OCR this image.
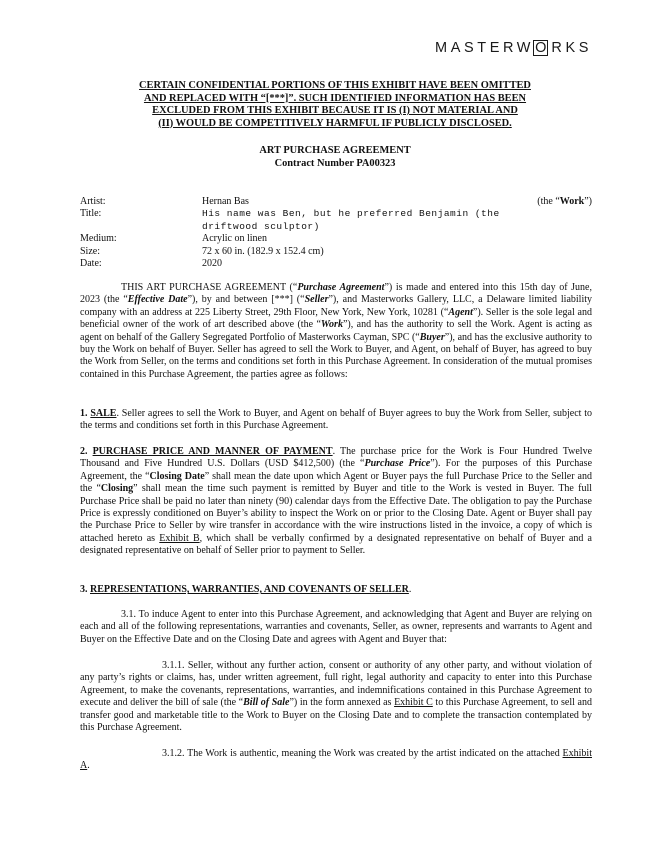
MASTERW O RKS
CERTAIN CONFIDENTIAL PORTIONS OF THIS EXHIBIT HAVE BEEN OMITTED
AND REPLACED WITH “[***]”. SUCH IDENTIFIED INFORMATION HAS BEEN
EXCLUDED FROM THIS EXHIBIT BECAUSE IT IS (I) NOT MATERIAL AND
(II) WOULD BE COMPETITIVELY HARMFUL IF PUBLICLY DISCLOSED.
ART PURCHASE AGREEMENT
Contract Number PA00323
Artist:	Hernan Bas	(the “Work”)
Title:	His name was Ben, but he preferred Benjamin (the driftwood sculptor)
Medium:	Acrylic on linen
Size:	72 x 60 in. (182.9 x 152.4 cm)
Date:	2020
THIS ART PURCHASE AGREEMENT (“Purchase Agreement”) is made and entered into this 15th day of June, 2023 (the “Effective Date”), by and between [***] (“Seller”), and Masterworks Gallery, LLC, a Delaware limited liability company with an address at 225 Liberty Street, 29th Floor, New York, New York, 10281 (“Agent”). Seller is the sole legal and beneficial owner of the work of art described above (the “Work”), and has the authority to sell the Work. Agent is acting as agent on behalf of the Gallery Segregated Portfolio of Masterworks Cayman, SPC (“Buyer”), and has the exclusive authority to buy the Work on behalf of Buyer. Seller has agreed to sell the Work to Buyer, and Agent, on behalf of Buyer, has agreed to buy the Work from Seller, on the terms and conditions set forth in this Purchase Agreement. In consideration of the mutual promises contained in this Purchase Agreement, the parties agree as follows:
1. SALE. Seller agrees to sell the Work to Buyer, and Agent on behalf of Buyer agrees to buy the Work from Seller, subject to the terms and conditions set forth in this Purchase Agreement.
2. PURCHASE PRICE AND MANNER OF PAYMENT. The purchase price for the Work is Four Hundred Twelve Thousand and Five Hundred U.S. Dollars (USD $412,500) (the “Purchase Price”). For the purposes of this Purchase Agreement, the “Closing Date” shall mean the date upon which Agent or Buyer pays the full Purchase Price to the Seller and the “Closing” shall mean the time such payment is remitted by Buyer and title to the Work is vested in Buyer. The full Purchase Price shall be paid no later than ninety (90) calendar days from the Effective Date. The obligation to pay the Purchase Price is expressly conditioned on Buyer’s ability to inspect the Work on or prior to the Closing Date. Agent or Buyer shall pay the Purchase Price to Seller by wire transfer in accordance with the wire instructions listed in the invoice, a copy of which is attached hereto as Exhibit B, which shall be verbally confirmed by a designated representative on behalf of Buyer and a designated representative on behalf of Seller prior to payment to Seller.
3. REPRESENTATIONS, WARRANTIES, AND COVENANTS OF SELLER.
3.1. To induce Agent to enter into this Purchase Agreement, and acknowledging that Agent and Buyer are relying on each and all of the following representations, warranties and covenants, Seller, as owner, represents and warrants to Agent and Buyer on the Effective Date and on the Closing Date and agrees with Agent and Buyer that:
3.1.1. Seller, without any further action, consent or authority of any other party, and without violation of any party’s rights or claims, has, under written agreement, full right, legal authority and capacity to enter into this Purchase Agreement, to make the covenants, representations, warranties, and indemnifications contained in this Purchase Agreement to execute and deliver the bill of sale (the “Bill of Sale”) in the form annexed as Exhibit C to this Purchase Agreement, to sell and transfer good and marketable title to the Work to Buyer on the Closing Date and to complete the transaction contemplated by this Purchase Agreement.
3.1.2. The Work is authentic, meaning the Work was created by the artist indicated on the attached Exhibit A.
